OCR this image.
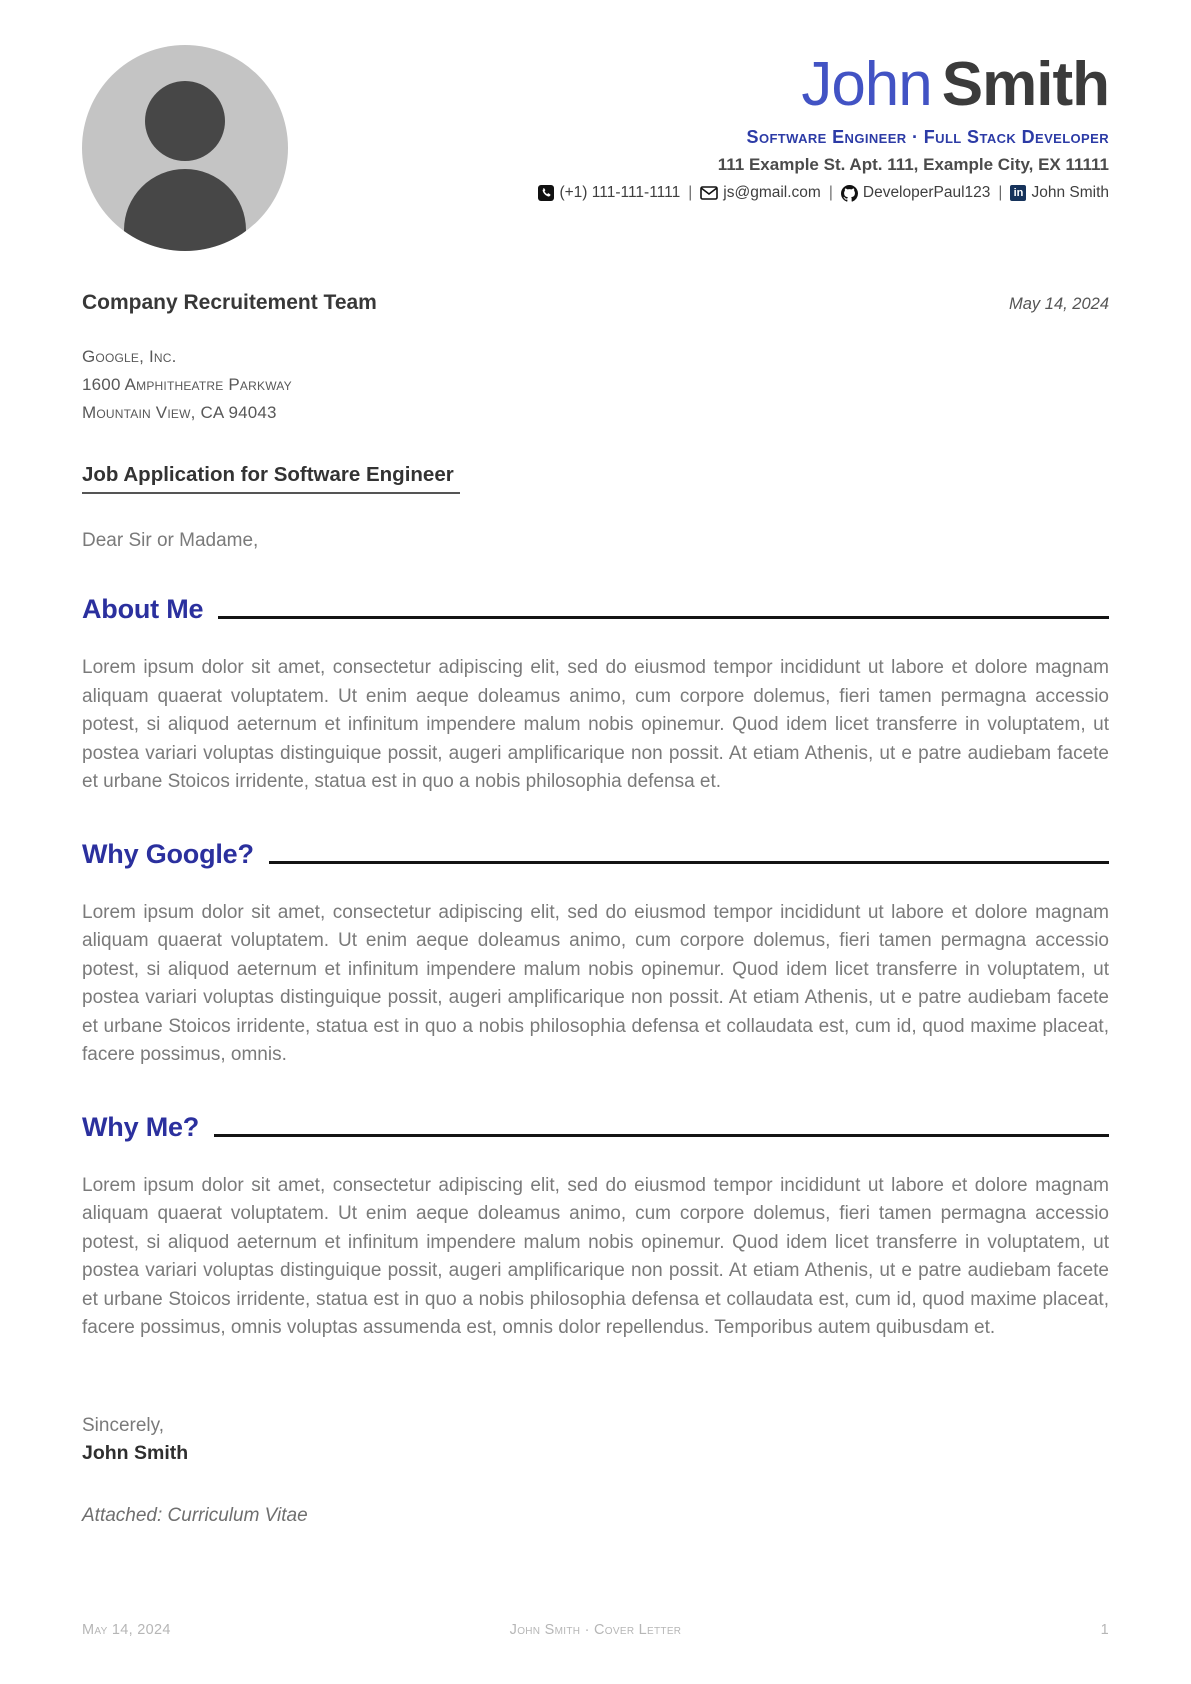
John Smith
Software Engineer · Full Stack Developer
111 Example St. Apt. 111, Example City, EX 11111
(+1) 111-111-1111 | js@gmail.com | DeveloperPaul123 | in John Smith
Company Recruitement Team	May 14, 2024
Google, Inc.
1600 Amphitheatre Parkway
Mountain View, CA 94043
Job Application for Software Engineer
Dear Sir or Madame,
About Me

Lorem ipsum dolor sit amet, consectetur adipiscing elit, sed do eiusmod tempor incididunt ut labore et dolore magnam aliquam quaerat voluptatem. Ut enim aeque doleamus animo, cum corpore dolemus, fieri tamen permagna accessio potest, si aliquod aeternum et infinitum impendere malum nobis opinemur. Quod idem licet transferre in voluptatem, ut postea variari voluptas distinguique possit, augeri amplificarique non possit. At etiam Athenis, ut e patre audiebam facete et urbane Stoicos irridente, statua est in quo a nobis philosophia defensa et.

Why Google?

Lorem ipsum dolor sit amet, consectetur adipiscing elit, sed do eiusmod tempor incididunt ut labore et dolore magnam aliquam quaerat voluptatem. Ut enim aeque doleamus animo, cum corpore dolemus, fieri tamen permagna accessio potest, si aliquod aeternum et infinitum impendere malum nobis opinemur. Quod idem licet transferre in voluptatem, ut postea variari voluptas distinguique possit, augeri amplificarique non possit. At etiam Athenis, ut e patre audiebam facete et urbane Stoicos irridente, statua est in quo a nobis philosophia defensa et collaudata est, cum id, quod maxime placeat, facere possimus, omnis.

Why Me?

Lorem ipsum dolor sit amet, consectetur adipiscing elit, sed do eiusmod tempor incididunt ut labore et dolore magnam aliquam quaerat voluptatem. Ut enim aeque doleamus animo, cum corpore dolemus, fieri tamen permagna accessio potest, si aliquod aeternum et infinitum impendere malum nobis opinemur. Quod idem licet transferre in voluptatem, ut postea variari voluptas distinguique possit, augeri amplificarique non possit. At etiam Athenis, ut e patre audiebam facete et urbane Stoicos irridente, statua est in quo a nobis philosophia defensa et collaudata est, cum id, quod maxime placeat, facere possimus, omnis voluptas assumenda est, omnis dolor repellendus. Temporibus autem quibusdam et.

Sincerely,
John Smith
Attached: Curriculum Vitae
May 14, 2024	John Smith · Cover Letter	1
